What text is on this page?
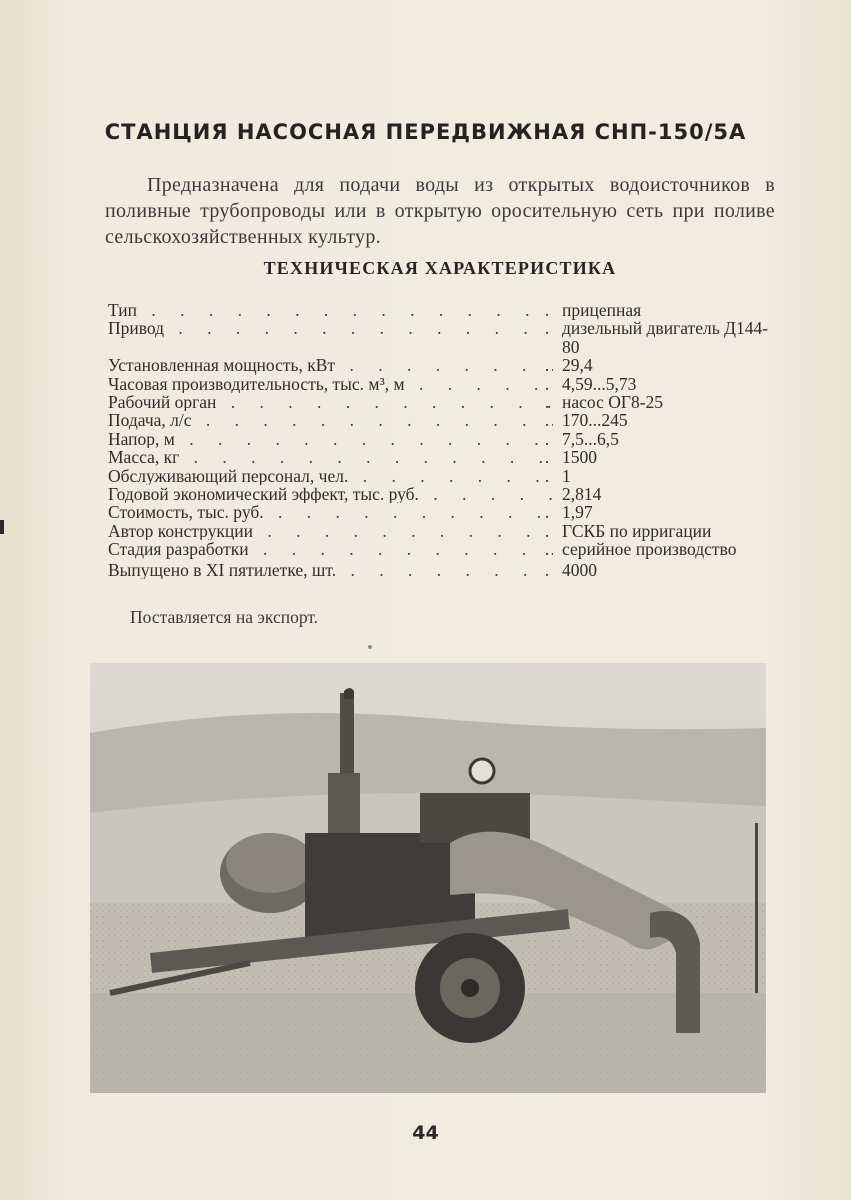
СТАНЦИЯ НАСОСНАЯ ПЕРЕДВИЖНАЯ СНП-150/5А
Предназначена для подачи воды из открытых водоисточников в поливные трубопроводы или в открытую оросительную сеть при поливе сельскохозяйственных культур.
ТЕХНИЧЕСКАЯ ХАРАКТЕРИСТИКА
Тип . . .	. прицепная
Привод . . .	. дизельный двигатель Д144-80
Установленная мощность, кВт . . .	. 29,4
Часовая производительность, тыс. м³, м . . .	. 4,59...5,73
Рабочий орган . . .	. насос ОГ8-25
Подача, л/с . . .	. 170...245
Напор, м . . .	. 7,5...6,5
Масса, кг . . .	. 1500
Обслуживающий персонал, чел. . . .	. 1
Годовой экономический эффект, тыс. руб. . . .	2,814
Стоимость, тыс. руб. . . .	. 1,97
Автор конструкции . . .	. ГСКБ по ирригации
Стадия разработки . . .	. серийное производство
Выпущено в XI пятилетке, шт. . . .	. 4000
Поставляется на экспорт.
44
